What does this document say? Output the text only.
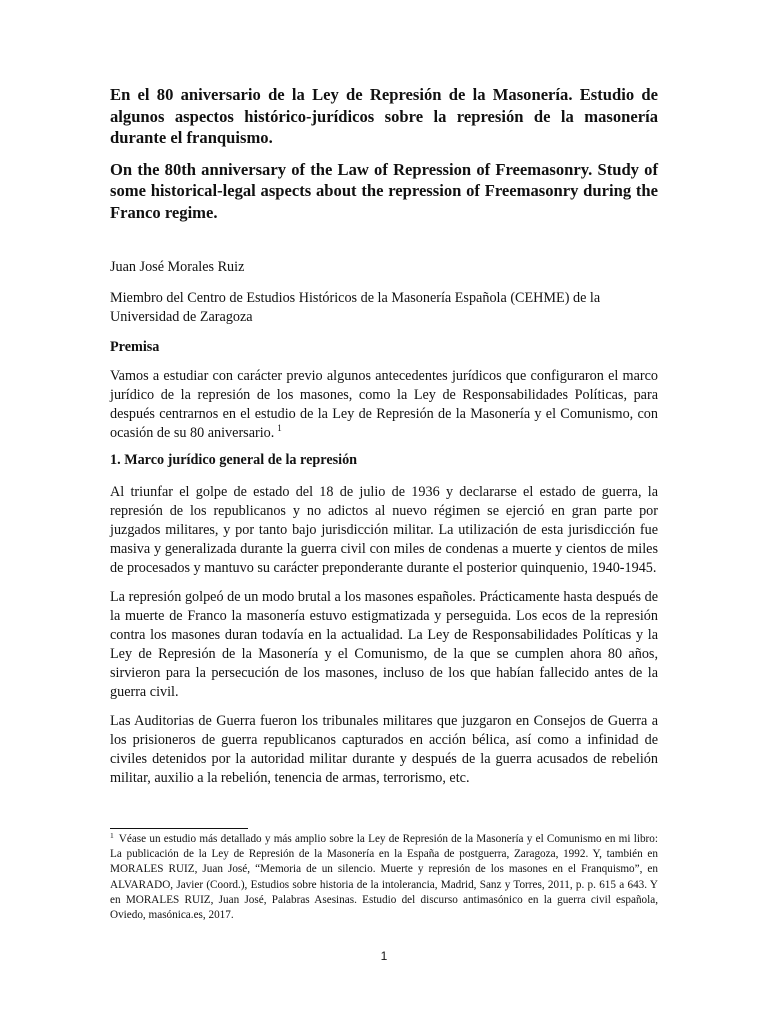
En el 80 aniversario de la Ley de Represión de la Masonería. Estudio de algunos aspectos histórico-jurídicos sobre la represión de la masonería durante el franquismo.
On the 80th anniversary of the Law of Repression of Freemasonry. Study of some historical-legal aspects about the repression of Freemasonry during the Franco regime.
Juan José Morales Ruiz
Miembro del Centro de Estudios Históricos de la Masonería Española (CEHME) de la Universidad de Zaragoza
Premisa

Vamos a estudiar con carácter previo algunos antecedentes jurídicos que configuraron el marco jurídico de la represión de los masones, como la Ley de Responsabilidades Políticas, para después centrarnos en el estudio de la Ley de Represión de la Masonería y el Comunismo, con ocasión de su 80 aniversario. $^1$

1. Marco jurídico general de la represión

Al triunfar el golpe de estado del 18 de julio de 1936 y declararse el estado de guerra, la represión de los republicanos y no adictos al nuevo régimen se ejerció en gran parte por juzgados militares, y por tanto bajo jurisdicción militar. La utilización de esta jurisdicción fue masiva y generalizada durante la guerra civil con miles de condenas a muerte y cientos de miles de procesados y mantuvo su carácter preponderante durante el posterior quinquenio, 1940-1945.

La represión golpeó de un modo brutal a los masones españoles. Prácticamente hasta después de la muerte de Franco la masonería estuvo estigmatizada y perseguida. Los ecos de la represión contra los masones duran todavía en la actualidad. La Ley de Responsabilidades Políticas y la Ley de Represión de la Masonería y el Comunismo, de la que se cumplen ahora 80 años, sirvieron para la persecución de los masones, incluso de los que habían fallecido antes de la guerra civil.

Las Auditorias de Guerra fueron los tribunales militares que juzgaron en Consejos de Guerra a los prisioneros de guerra republicanos capturados en acción bélica, así como a infinidad de civiles detenidos por la autoridad militar durante y después de la guerra acusados de rebelión militar, auxilio a la rebelión, tenencia de armas, terrorismo, etc.

$^1$ Véase un estudio más detallado y más amplio sobre la Ley de Represión de la Masonería y el Comunismo en mi libro: La publicación de la Ley de Represión de la Masonería en la España de postguerra, Zaragoza, 1992. Y, también en MORALES RUIZ, Juan José, “Memoria de un silencio. Muerte y represión de los masones en el Franquismo”, en ALVARADO, Javier (Coord.), Estudios sobre historia de la intolerancia, Madrid, Sanz y Torres, 2011, p. p. 615 a 643. Y en MORALES RUIZ, Juan José, Palabras Asesinas. Estudio del discurso antimasónico en la guerra civil española, Oviedo, masónica.es, 2017.

1
